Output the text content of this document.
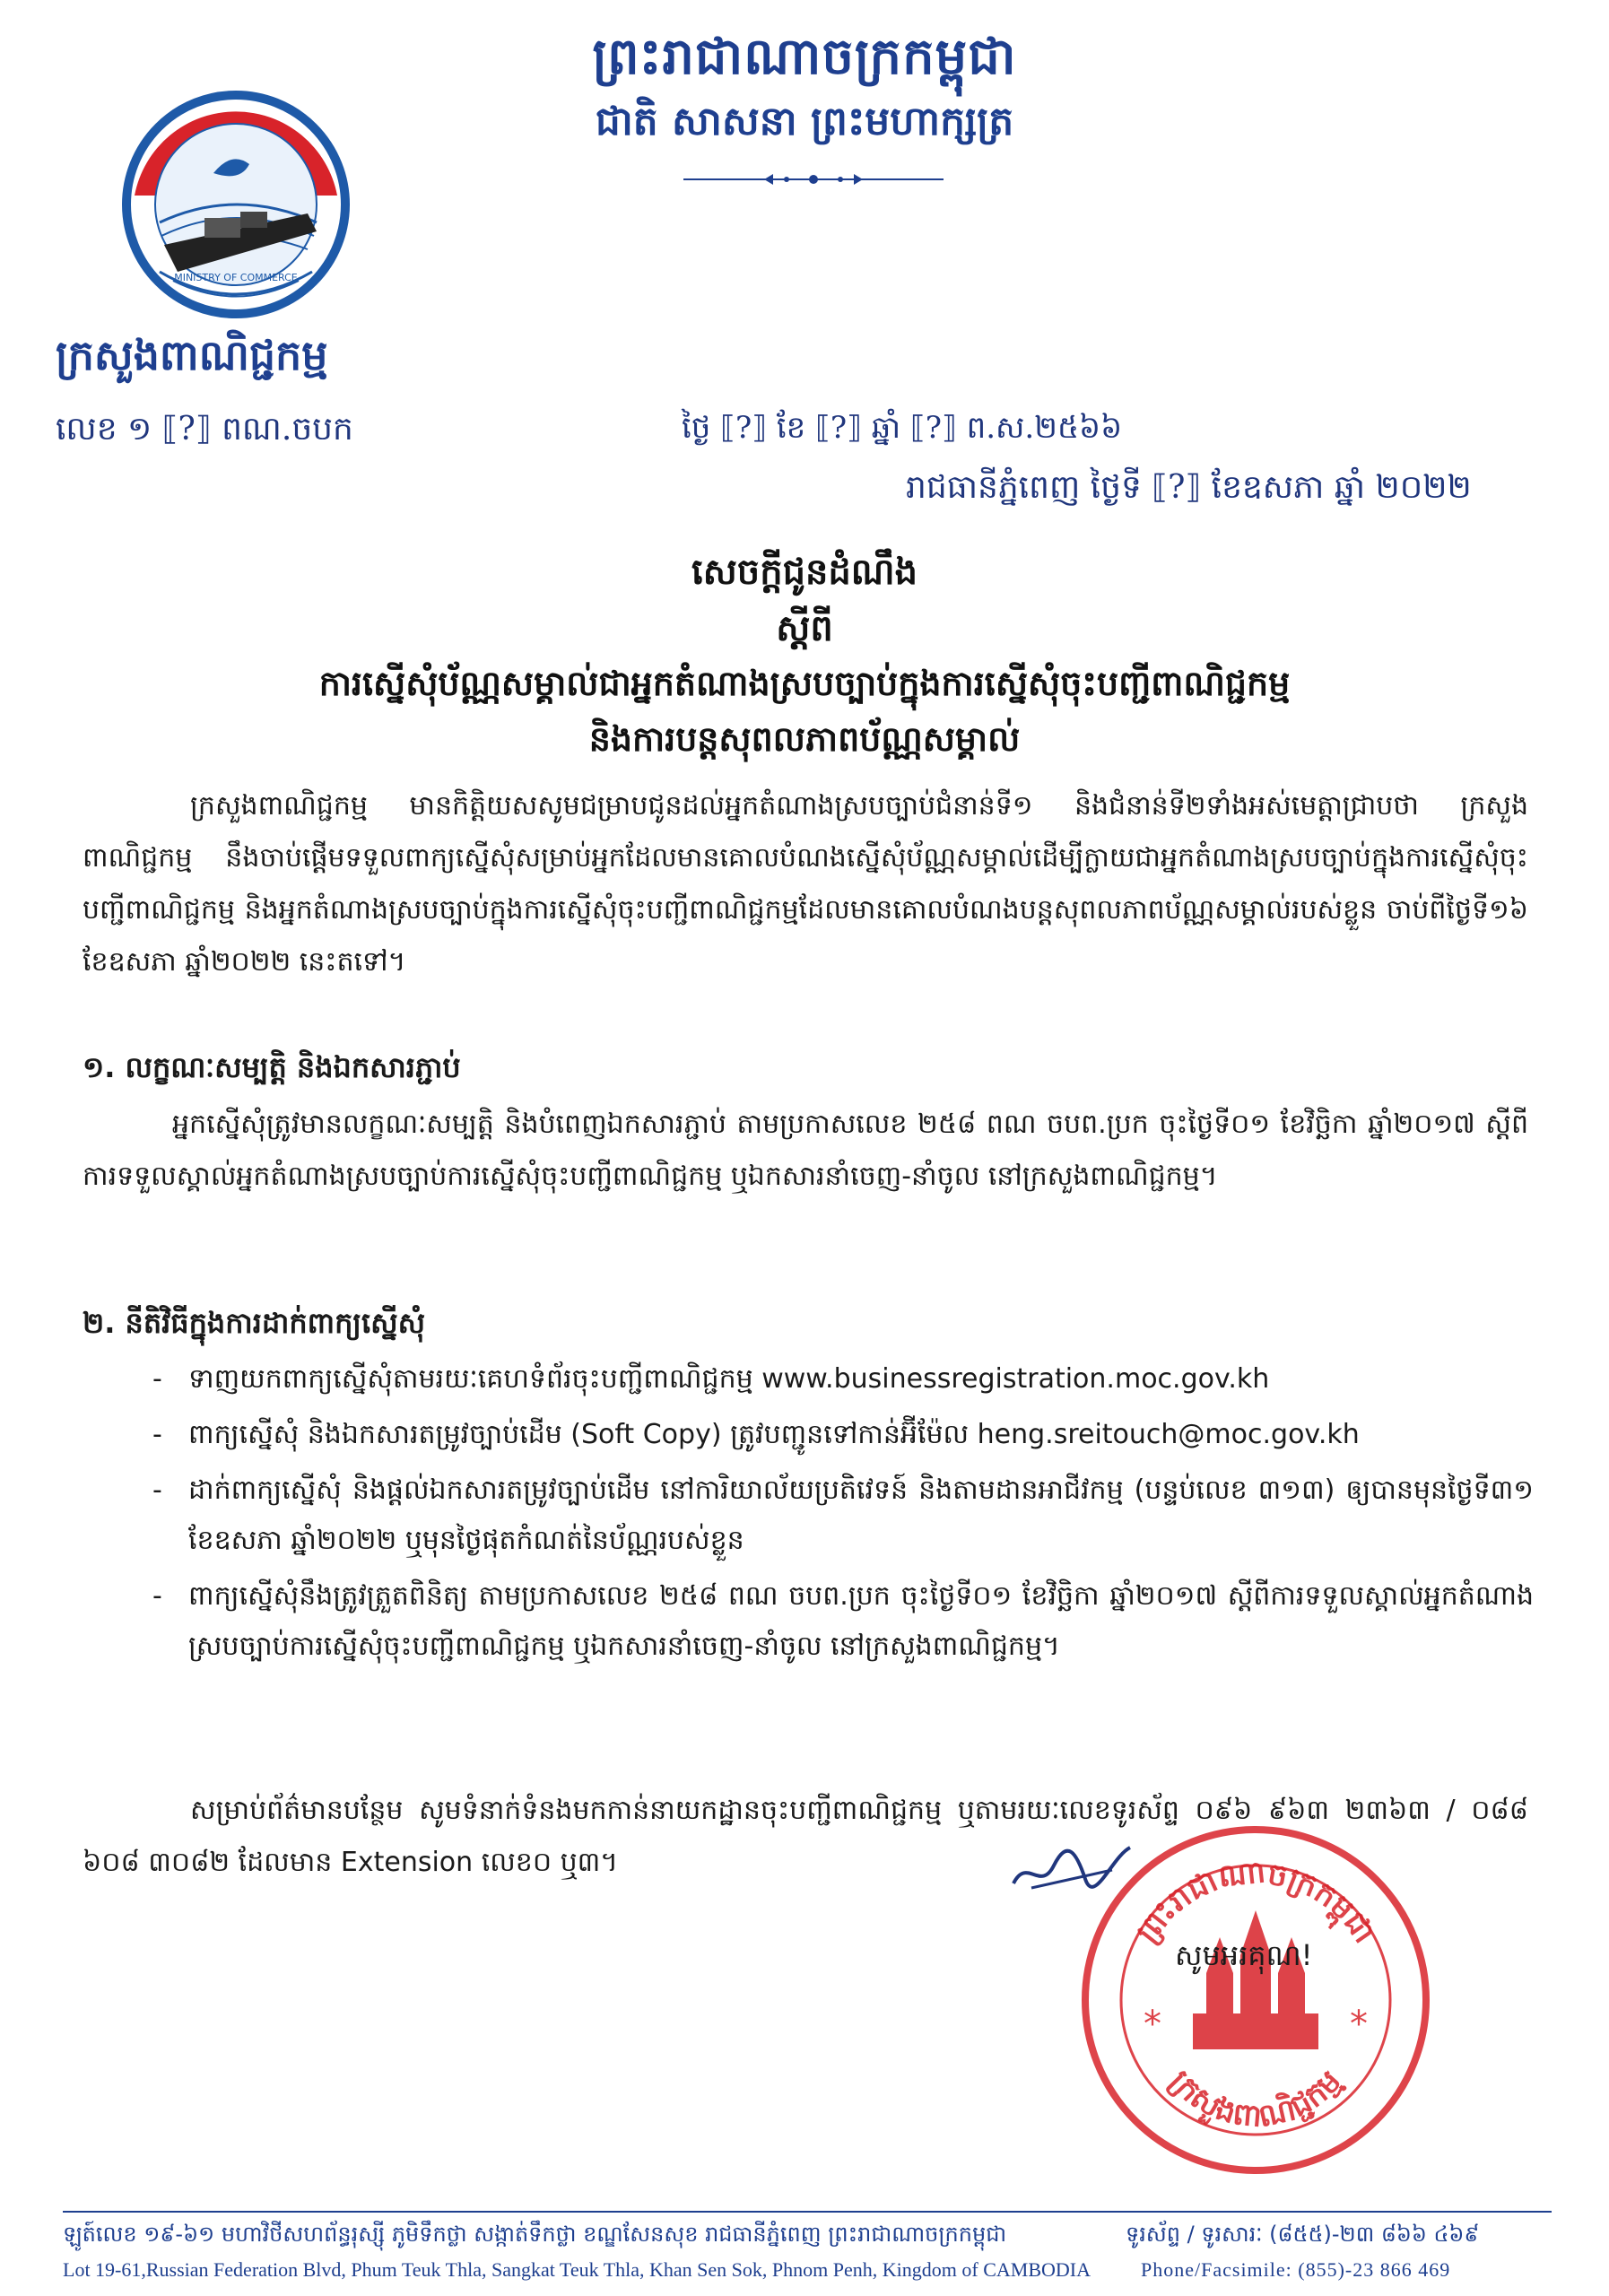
ព្រះរាជាណាចក្រកម្ពុជា
ជាតិ សាសនា ព្រះមហាក្សត្រ
MINISTRY OF COMMERCE
ក្រសួងពាណិជ្ជកម្ម
លេខ ១ ⟦?⟧ ពណ.ចបក	ថ្ងៃ ⟦?⟧ ខែ ⟦?⟧ ឆ្នាំ ⟦?⟧ ព.ស.២៥៦៦
រាជធានីភ្នំពេញ ថ្ងៃទី ⟦?⟧ ខែឧសភា ឆ្នាំ ២០២២
សេចក្តីជូនដំណឹង
ស្តីពី
ការស្នើសុំប័ណ្ណសម្គាល់ជាអ្នកតំណាងស្របច្បាប់ក្នុងការស្នើសុំចុះបញ្ជីពាណិជ្ជកម្ម
និងការបន្តសុពលភាពប័ណ្ណសម្គាល់
ក្រសួងពាណិជ្ជកម្ម មានកិត្តិយសសូមជម្រាបជូនដល់អ្នកតំណាងស្របច្បាប់ជំនាន់ទី១ និងជំនាន់ទី២ទាំងអស់មេត្តាជ្រាបថា ក្រសួងពាណិជ្ជកម្ម នឹងចាប់ផ្តើមទទួលពាក្យស្នើសុំសម្រាប់អ្នកដែលមានគោលបំណងស្នើសុំប័ណ្ណសម្គាល់ដើម្បីក្លាយជាអ្នកតំណាងស្របច្បាប់ក្នុងការស្នើសុំចុះបញ្ជីពាណិជ្ជកម្ម និងអ្នកតំណាងស្របច្បាប់ក្នុងការស្នើសុំចុះបញ្ជីពាណិជ្ជកម្មដែលមានគោលបំណងបន្តសុពលភាពប័ណ្ណសម្គាល់របស់ខ្លួន ចាប់ពីថ្ងៃទី១៦ ខែឧសភា ឆ្នាំ២០២២ នេះតទៅ។
១. លក្ខណៈសម្បត្តិ និងឯកសារភ្ជាប់
អ្នកស្នើសុំត្រូវមានលក្ខណៈសម្បត្តិ និងបំពេញឯកសារភ្ជាប់ តាមប្រកាសលេខ ២៥៨ ពណ ចបព.ប្រក ចុះថ្ងៃទី០១ ខែវិច្ឆិកា ឆ្នាំ២០១៧ ស្តីពីការទទួលស្គាល់អ្នកតំណាងស្របច្បាប់ការស្នើសុំចុះបញ្ជីពាណិជ្ជកម្ម ឬឯកសារនាំចេញ-នាំចូល នៅក្រសួងពាណិជ្ជកម្ម។
២. នីតិវិធីក្នុងការដាក់ពាក្យស្នើសុំ
- ទាញយកពាក្យស្នើសុំតាមរយៈគេហទំព័រចុះបញ្ជីពាណិជ្ជកម្ម www.businessregistration.moc.gov.kh
- ពាក្យស្នើសុំ និងឯកសារតម្រូវច្បាប់ដើម (Soft Copy) ត្រូវបញ្ជូនទៅកាន់អ៊ីម៉ែល heng.sreitouch@moc.gov.kh
- ដាក់ពាក្យស្នើសុំ និងផ្តល់ឯកសារតម្រូវច្បាប់ដើម នៅការិយាល័យប្រតិវេទន៍ និងតាមដានអាជីវកម្ម (បន្ទប់លេខ ៣១៣) ឲ្យបានមុនថ្ងៃទី៣១ ខែឧសភា ឆ្នាំ២០២២ ឬមុនថ្ងៃផុតកំណត់នៃប័ណ្ណរបស់ខ្លួន
- ពាក្យស្នើសុំនឹងត្រូវត្រួតពិនិត្យ តាមប្រកាសលេខ ២៥៨ ពណ ចបព.ប្រក ចុះថ្ងៃទី០១ ខែវិច្ឆិកា ឆ្នាំ២០១៧ ស្តីពីការទទួលស្គាល់អ្នកតំណាងស្របច្បាប់ការស្នើសុំចុះបញ្ជីពាណិជ្ជកម្ម ឬឯកសារនាំចេញ-នាំចូល នៅក្រសួងពាណិជ្ជកម្ម។
សម្រាប់ព័ត៌មានបន្ថែម សូមទំនាក់ទំនងមកកាន់នាយកដ្ឋានចុះបញ្ជីពាណិជ្ជកម្ម ឬតាមរយៈលេខទូរស័ព្ទ ០៩៦ ៩៦៣ ២៣៦៣ / ០៨៨ ៦០៨ ៣០៨២ ដែលមាន Extension លេខ០ ឬ៣។
ព្រះរាជាណាចក្រកម្ពុជា
ក្រសួងពាណិជ្ជកម្ម
*	*
សូមអរគុណ!
ឡូត៍លេខ ១៩-៦១ មហាវិថីសហព័ន្ធរុស្ស៊ី ភូមិទឹកថ្លា សង្កាត់ទឹកថ្លា ខណ្ឌសែនសុខ រាជធានីភ្នំពេញ ព្រះរាជាណាចក្រកម្ពុជា	ទូរស័ព្ទ / ទូរសារៈ (៨៥៥)-២៣ ៨៦៦ ៤៦៩
Lot 19-61,Russian Federation Blvd, Phum Teuk Thla, Sangkat Teuk Thla, Khan Sen Sok, Phnom Penh, Kingdom of CAMBODIA	Phone/Facsimile: (855)-23 866 469
